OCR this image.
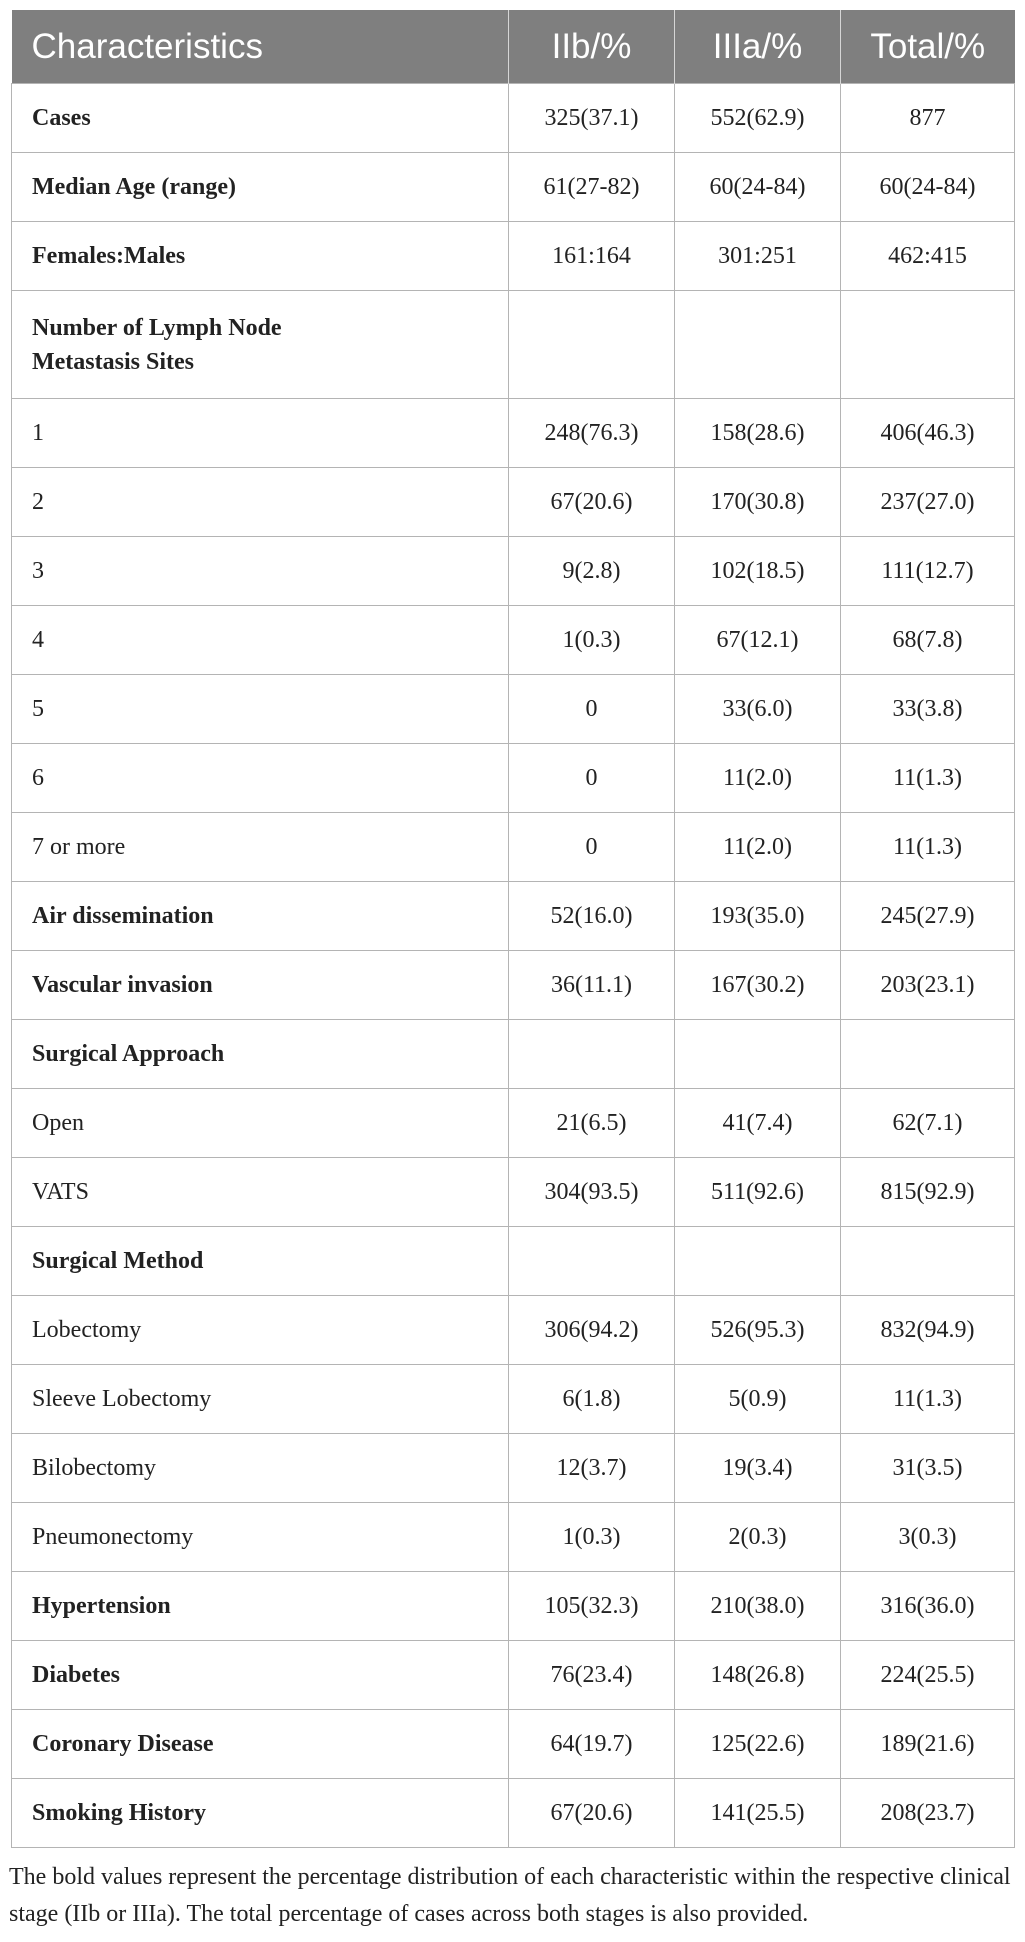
Characteristics	IIb/%	IIIa/%	Total/%
Cases	325(37.1)	552(62.9)	877
Median Age (range)	61(27-82)	60(24-84)	60(24-84)
Females:Males	161:164	301:251	462:415
Number of Lymph Node
Metastasis Sites			
1	248(76.3)	158(28.6)	406(46.3)
2	67(20.6)	170(30.8)	237(27.0)
3	9(2.8)	102(18.5)	111(12.7)
4	1(0.3)	67(12.1)	68(7.8)
5	0	33(6.0)	33(3.8)
6	0	11(2.0)	11(1.3)
7 or more	0	11(2.0)	11(1.3)
Air dissemination	52(16.0)	193(35.0)	245(27.9)
Vascular invasion	36(11.1)	167(30.2)	203(23.1)
Surgical Approach			
Open	21(6.5)	41(7.4)	62(7.1)
VATS	304(93.5)	511(92.6)	815(92.9)
Surgical Method			
Lobectomy	306(94.2)	526(95.3)	832(94.9)
Sleeve Lobectomy	6(1.8)	5(0.9)	11(1.3)
Bilobectomy	12(3.7)	19(3.4)	31(3.5)
Pneumonectomy	1(0.3)	2(0.3)	3(0.3)
Hypertension	105(32.3)	210(38.0)	316(36.0)
Diabetes	76(23.4)	148(26.8)	224(25.5)
Coronary Disease	64(19.7)	125(22.6)	189(21.6)
Smoking History	67(20.6)	141(25.5)	208(23.7)
The bold values represent the percentage distribution of each characteristic within the respective clinical stage (IIb or IIIa). The total percentage of cases across both stages is also provided.
